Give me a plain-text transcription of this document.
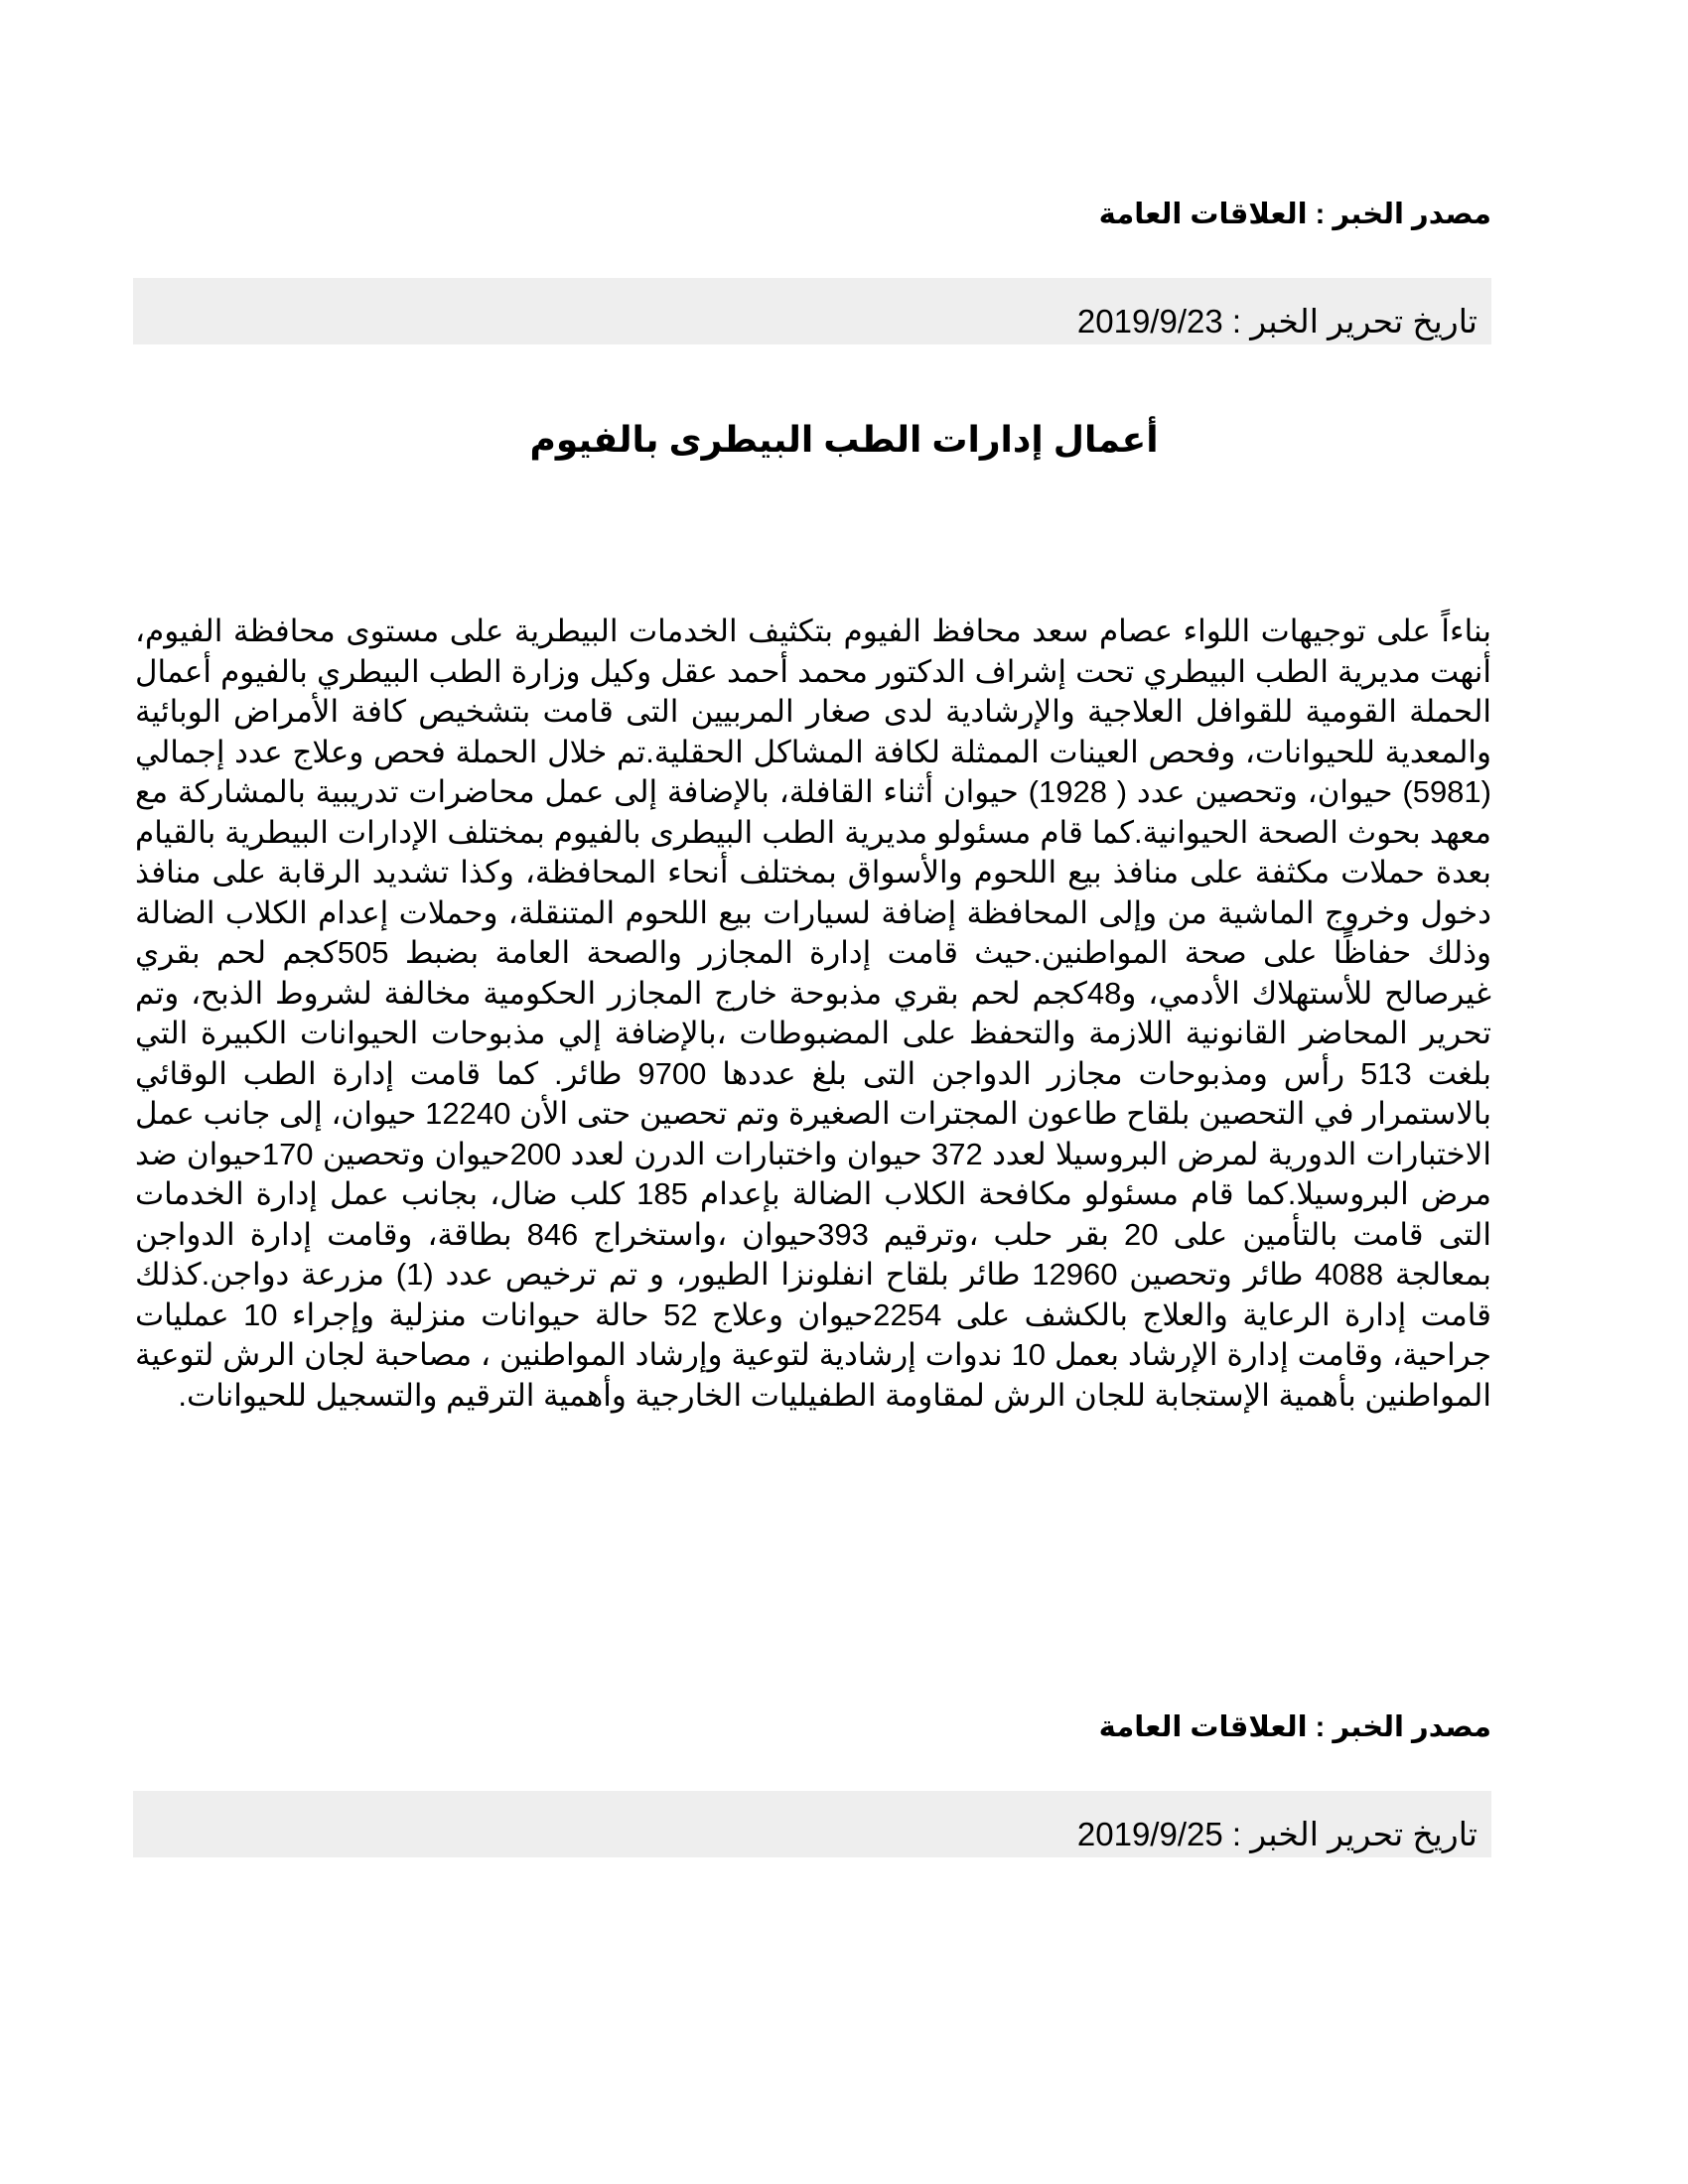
مصدر الخبر : العلاقات العامة
تاريخ تحرير الخبر : 2019/9/23
أعمال إدارات الطب البيطرى بالفيوم
بناءاً على توجيهات اللواء عصام سعد محافظ الفيوم بتكثيف الخدمات البيطرية على مستوى محافظة الفيوم، أنهت مديرية الطب البيطري تحت إشراف الدكتور محمد أحمد عقل وكيل وزارة الطب البيطري بالفيوم أعمال الحملة القومية للقوافل العلاجية والإرشادية لدى صغار المربيين التى قامت بتشخيص كافة الأمراض الوبائية والمعدية للحيوانات، وفحص العينات الممثلة لكافة المشاكل الحقلية.تم خلال الحملة فحص وعلاج عدد إجمالي (5981) حيوان، وتحصين عدد ( 1928) حيوان أثناء القافلة، بالإضافة إلى عمل محاضرات تدريبية بالمشاركة مع معهد بحوث الصحة الحيوانية.كما قام مسئولو مديرية الطب البيطرى بالفيوم بمختلف الإدارات البيطرية بالقيام بعدة حملات مكثفة على منافذ بيع اللحوم والأسواق بمختلف أنحاء المحافظة، وكذا تشديد الرقابة على منافذ دخول وخروج الماشية من وإلى المحافظة إضافة لسيارات بيع اللحوم المتنقلة، وحملات إعدام الكلاب الضالة وذلك حفاظًا على صحة المواطنين.حيث قامت إدارة المجازر والصحة العامة بضبط 505كجم لحم بقري غيرصالح للأستهلاك الأدمي، و48كجم لحم بقري مذبوحة خارج المجازر الحكومية مخالفة لشروط الذبح، وتم تحرير المحاضر القانونية اللازمة والتحفظ على المضبوطات ،بالإضافة إلي مذبوحات الحيوانات الكبيرة التي بلغت 513 رأس ومذبوحات مجازر الدواجن التى بلغ عددها 9700 طائر. كما قامت إدارة الطب الوقائي بالاستمرار في التحصين بلقاح طاعون المجترات الصغيرة وتم تحصين حتى الأن 12240 حيوان، إلى جانب عمل الاختبارات الدورية لمرض البروسيلا لعدد 372 حيوان واختبارات الدرن لعدد 200حيوان وتحصين 170حيوان ضد مرض البروسيلا.كما قام مسئولو مكافحة الكلاب الضالة بإعدام 185 كلب ضال، بجانب عمل إدارة الخدمات التى قامت بالتأمين على 20 بقر حلب ،وترقيم 393حيوان ،واستخراج 846 بطاقة، وقامت إدارة الدواجن بمعالجة 4088 طائر وتحصين 12960 طائر بلقاح انفلونزا الطيور، و تم ترخيص عدد (1) مزرعة دواجن.كذلك قامت إدارة الرعاية والعلاج بالكشف على 2254حيوان وعلاج 52 حالة حيوانات منزلية وإجراء 10 عمليات جراحية، وقامت إدارة الإرشاد بعمل 10 ندوات إرشادية لتوعية وإرشاد المواطنين ، مصاحبة لجان الرش لتوعية المواطنين بأهمية الإستجابة للجان الرش لمقاومة الطفيليات الخارجية وأهمية الترقيم والتسجيل للحيوانات.
مصدر الخبر : العلاقات العامة
تاريخ تحرير الخبر : 2019/9/25
